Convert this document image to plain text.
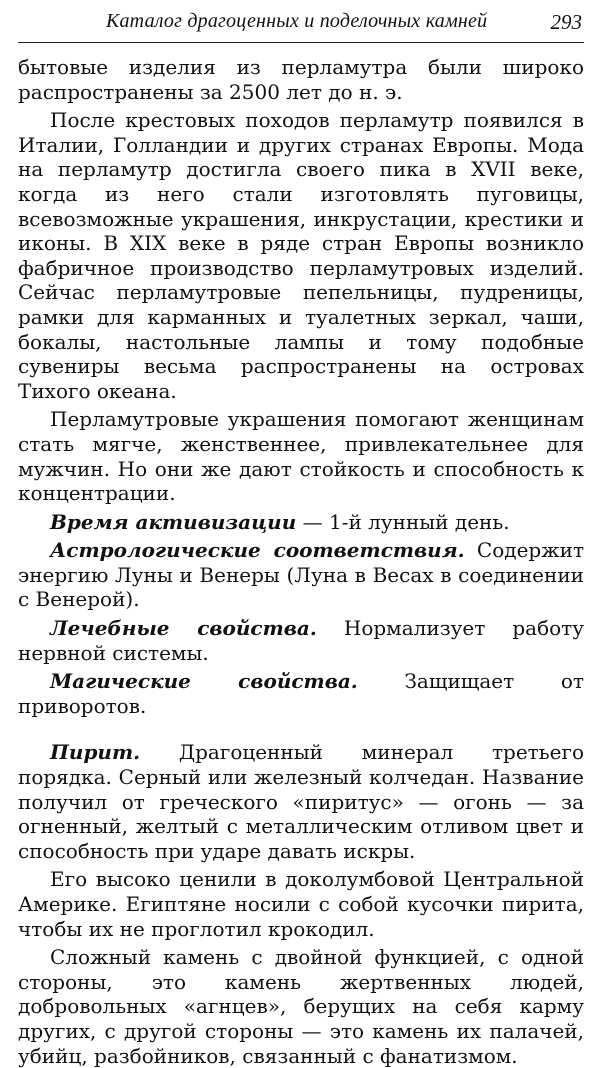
Каталог драгоценных и поделочных камней	293

бытовые изделия из перламутра были широко распространены за 2500 лет до н. э.

После крестовых походов перламутр появился в Италии, Голландии и других странах Европы. Мода на перламутр достигла своего пика в XVII веке, когда из него стали изготовлять пуговицы, всевозможные украшения, инкрустации, крестики и иконы. В XIX веке в ряде стран Европы возникло фабричное производство перламутровых изделий. Сейчас перламутровые пепельницы, пудреницы, рамки для карманных и туалетных зеркал, чаши, бокалы, настольные лампы и тому подобные сувениры весьма распространены на островах Тихого океана.

Перламутровые украшения помогают женщинам стать мягче, женственнее, привлекательнее для мужчин. Но они же дают стойкость и способность к концентрации.

Время активизации — 1-й лунный день.

Астрологические соответствия. Содержит энергию Луны и Венеры (Луна в Весах в соединении с Венерой).

Лечебные свойства. Нормализует работу нервной системы.

Магические свойства. Защищает от приворотов.

Пирит. Драгоценный минерал третьего порядка. Серный или железный колчедан. Название получил от греческого «пиритус» — огонь — за огненный, желтый с металлическим отливом цвет и способность при ударе давать искры.

Его высоко ценили в доколумбовой Центральной Америке. Египтяне носили с собой кусочки пирита, чтобы их не проглотил крокодил.

Сложный камень с двойной функцией, с одной стороны, это камень жертвенных людей, добровольных «агнцев», берущих на себя карму других, с другой стороны — это камень их палачей, убийц, разбойников, связанный с фанатизмом.
